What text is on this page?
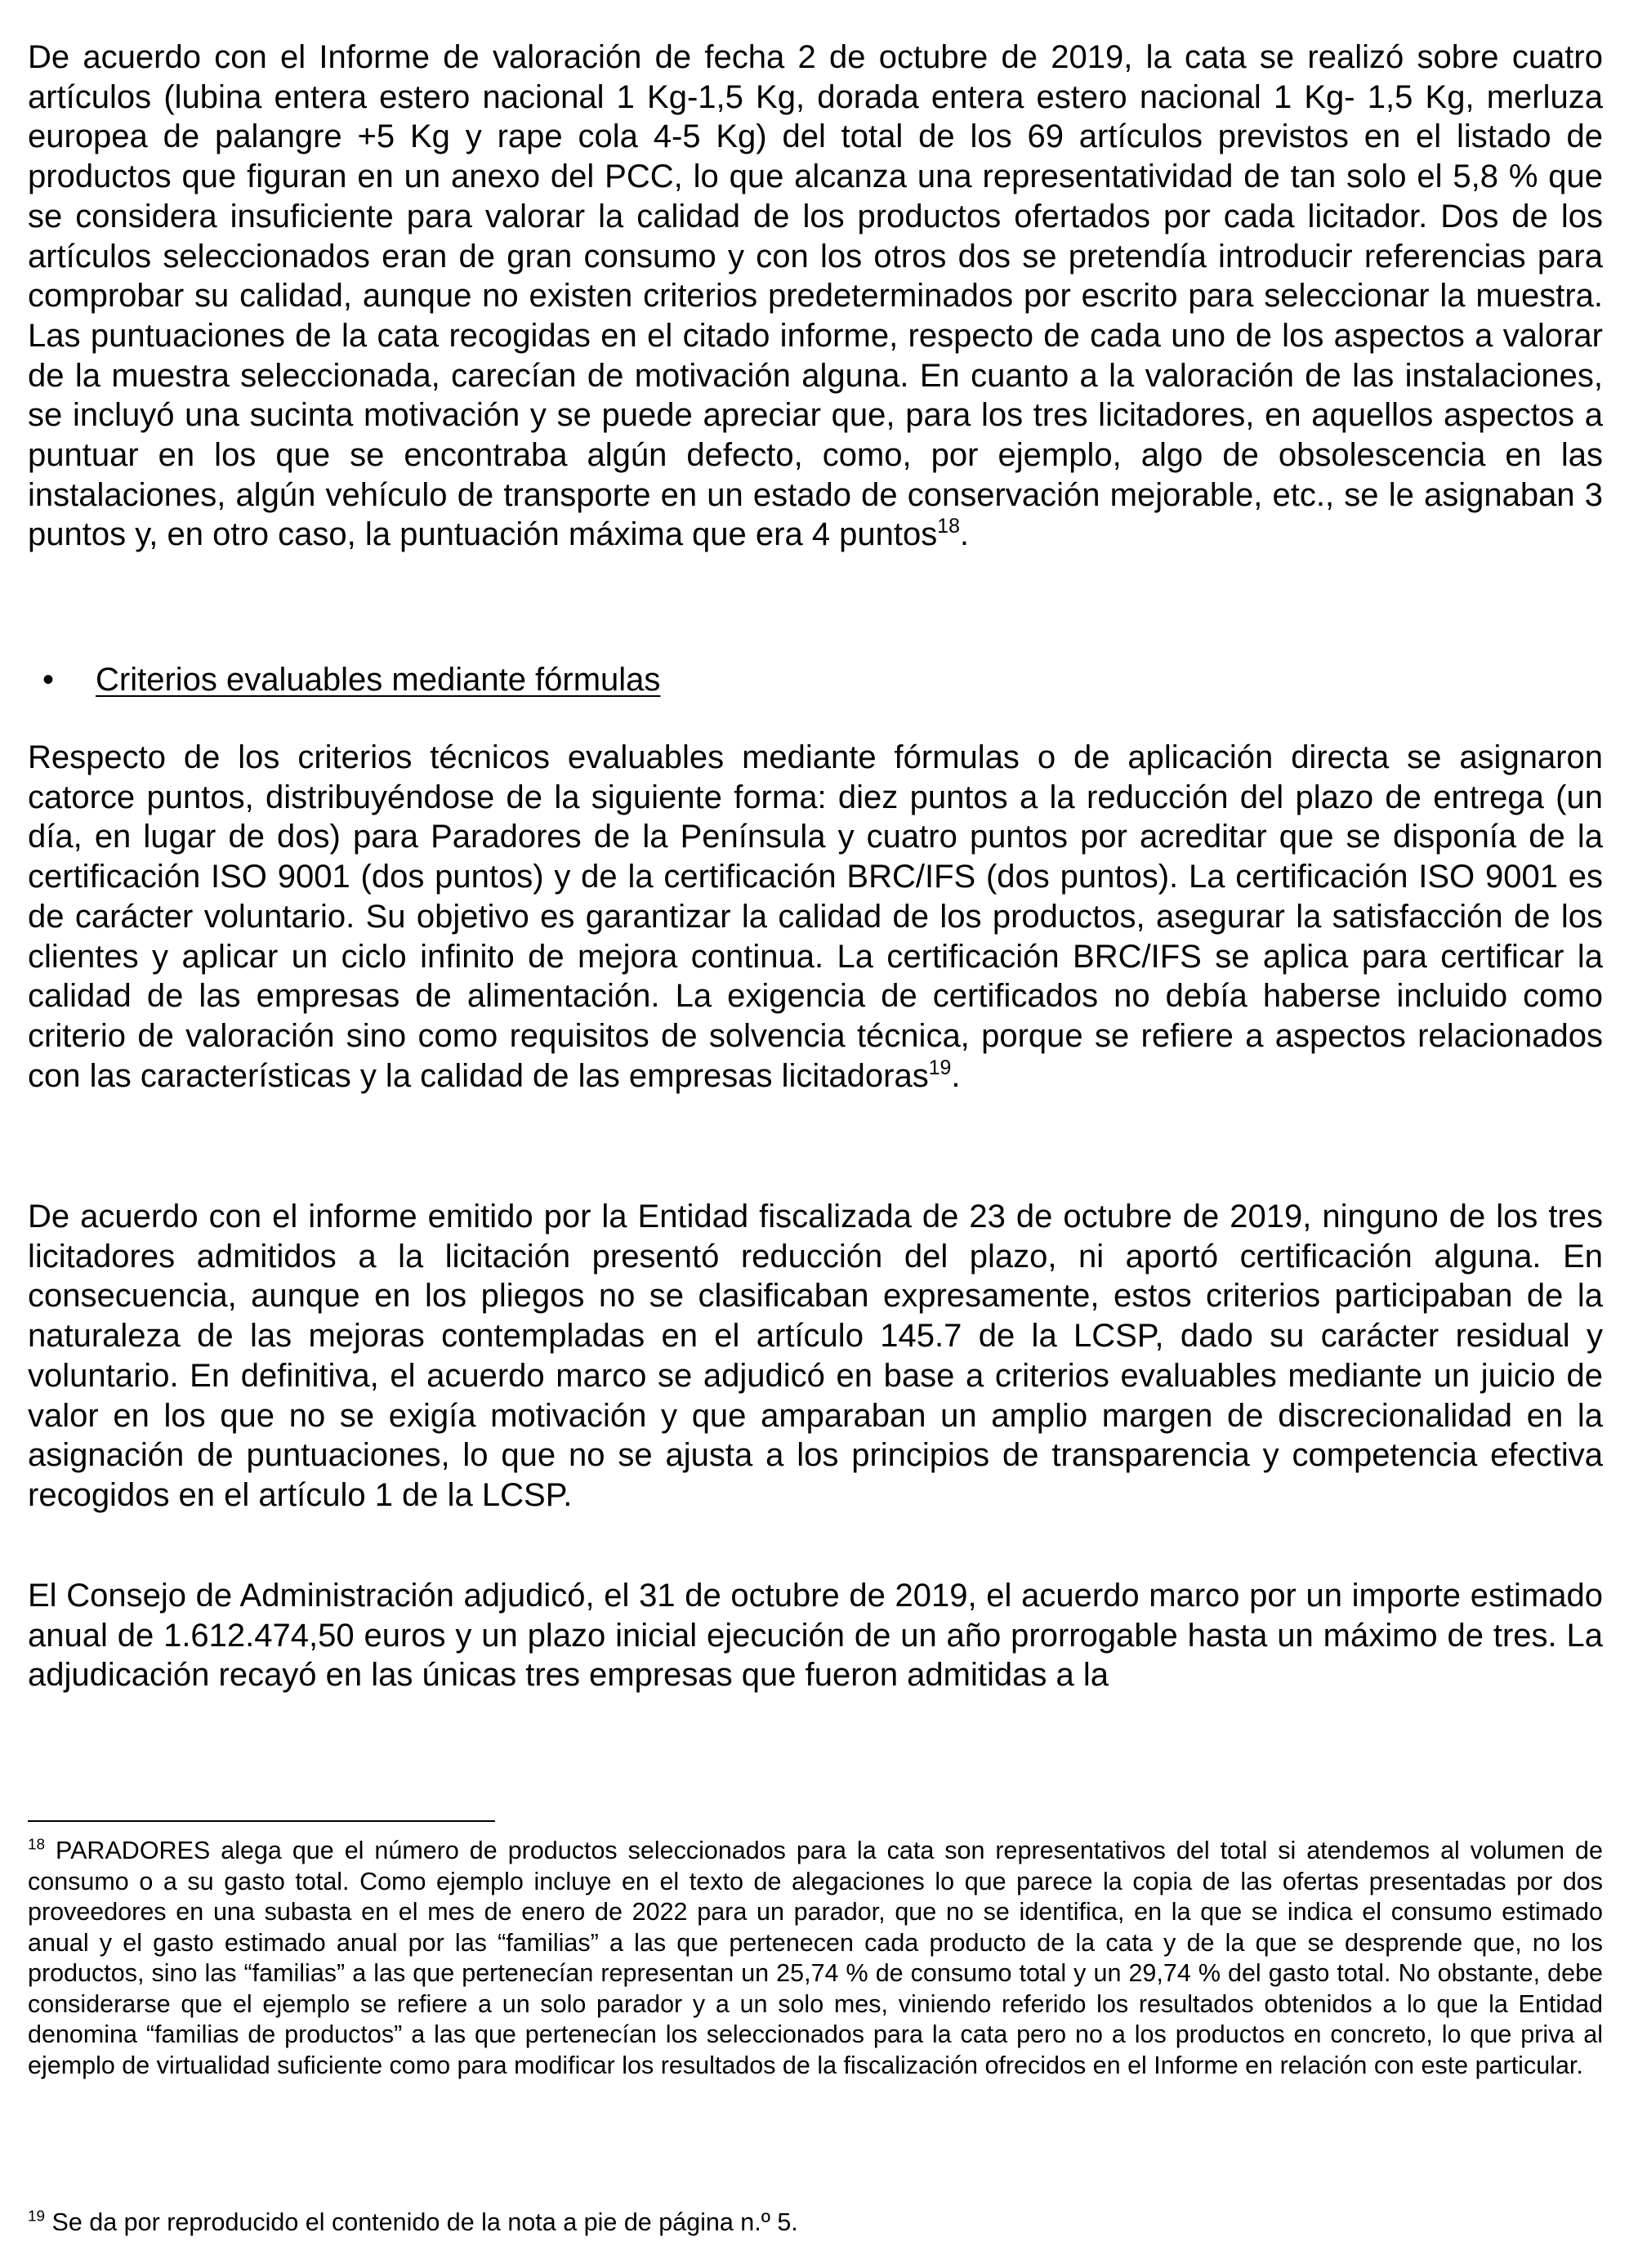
De acuerdo con el Informe de valoración de fecha 2 de octubre de 2019, la cata se realizó sobre cuatro artículos (lubina entera estero nacional 1 Kg-1,5 Kg, dorada entera estero nacional 1 Kg- 1,5 Kg, merluza europea de palangre +5 Kg y rape cola 4-5 Kg) del total de los 69 artículos previstos en el listado de productos que figuran en un anexo del PCC, lo que alcanza una representatividad de tan solo el 5,8 % que se considera insuficiente para valorar la calidad de los productos ofertados por cada licitador. Dos de los artículos seleccionados eran de gran consumo y con los otros dos se pretendía introducir referencias para comprobar su calidad, aunque no existen criterios predeterminados por escrito para seleccionar la muestra. Las puntuaciones de la cata recogidas en el citado informe, respecto de cada uno de los aspectos a valorar de la muestra seleccionada, carecían de motivación alguna. En cuanto a la valoración de las instalaciones, se incluyó una sucinta motivación y se puede apreciar que, para los tres licitadores, en aquellos aspectos a puntuar en los que se encontraba algún defecto, como, por ejemplo, algo de obsolescencia en las instalaciones, algún vehículo de transporte en un estado de conservación mejorable, etc., se le asignaban 3 puntos y, en otro caso, la puntuación máxima que era 4 puntos$^{18}$.

• Criterios evaluables mediante fórmulas

Respecto de los criterios técnicos evaluables mediante fórmulas o de aplicación directa se asignaron catorce puntos, distribuyéndose de la siguiente forma: diez puntos a la reducción del plazo de entrega (un día, en lugar de dos) para Paradores de la Península y cuatro puntos por acreditar que se disponía de la certificación ISO 9001 (dos puntos) y de la certificación BRC/IFS (dos puntos). La certificación ISO 9001 es de carácter voluntario. Su objetivo es garantizar la calidad de los productos, asegurar la satisfacción de los clientes y aplicar un ciclo infinito de mejora continua. La certificación BRC/IFS se aplica para certificar la calidad de las empresas de alimentación. La exigencia de certificados no debía haberse incluido como criterio de valoración sino como requisitos de solvencia técnica, porque se refiere a aspectos relacionados con las características y la calidad de las empresas licitadoras$^{19}$.

De acuerdo con el informe emitido por la Entidad fiscalizada de 23 de octubre de 2019, ninguno de los tres licitadores admitidos a la licitación presentó reducción del plazo, ni aportó certificación alguna. En consecuencia, aunque en los pliegos no se clasificaban expresamente, estos criterios participaban de la naturaleza de las mejoras contempladas en el artículo 145.7 de la LCSP, dado su carácter residual y voluntario. En definitiva, el acuerdo marco se adjudicó en base a criterios evaluables mediante un juicio de valor en los que no se exigía motivación y que amparaban un amplio margen de discrecionalidad en la asignación de puntuaciones, lo que no se ajusta a los principios de transparencia y competencia efectiva recogidos en el artículo 1 de la LCSP.

El Consejo de Administración adjudicó, el 31 de octubre de 2019, el acuerdo marco por un importe estimado anual de 1.612.474,50 euros y un plazo inicial ejecución de un año prorrogable hasta un máximo de tres. La adjudicación recayó en las únicas tres empresas que fueron admitidas a la

$^{18}$ PARADORES alega que el número de productos seleccionados para la cata son representativos del total si atendemos al volumen de consumo o a su gasto total. Como ejemplo incluye en el texto de alegaciones lo que parece la copia de las ofertas presentadas por dos proveedores en una subasta en el mes de enero de 2022 para un parador, que no se identifica, en la que se indica el consumo estimado anual y el gasto estimado anual por las “familias” a las que pertenecen cada producto de la cata y de la que se desprende que, no los productos, sino las “familias” a las que pertenecían representan un 25,74 % de consumo total y un 29,74 % del gasto total. No obstante, debe considerarse que el ejemplo se refiere a un solo parador y a un solo mes, viniendo referido los resultados obtenidos a lo que la Entidad denomina “familias de productos” a las que pertenecían los seleccionados para la cata pero no a los productos en concreto, lo que priva al ejemplo de virtualidad suficiente como para modificar los resultados de la fiscalización ofrecidos en el Informe en relación con este particular.

$^{19}$ Se da por reproducido el contenido de la nota a pie de página n.º 5.
